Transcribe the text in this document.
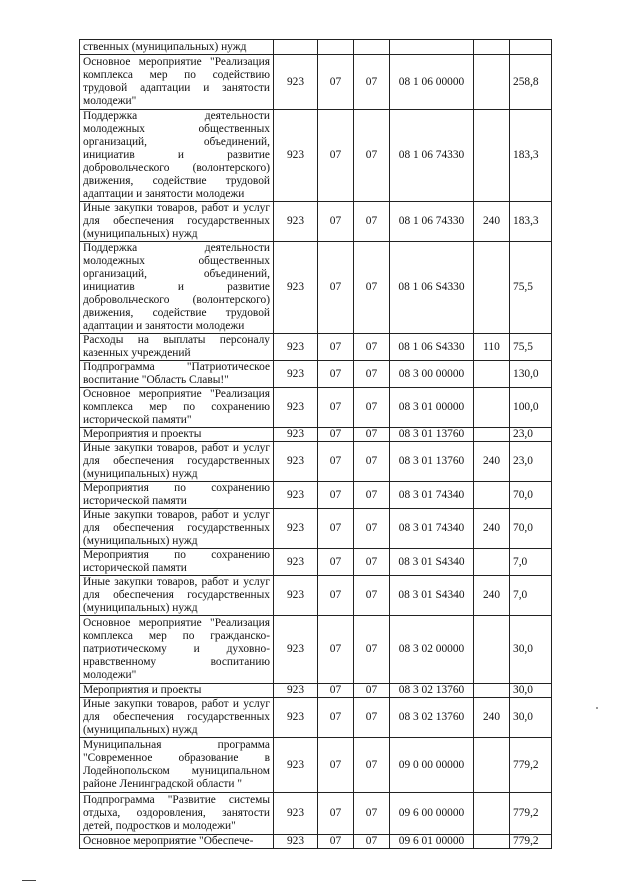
ственных (муниципальных) нужд						
Основное мероприятие "Реализация комплекса мер по содействию трудовой адаптации и занятости молодежи"	923	07	07	08 1 06 00000		258,8
Поддержка деятельности молодежных общественных организаций, объединений, инициатив и развитие добровольческого (волонтерского) движения, содействие трудовой адаптации и занятости молодежи	923	07	07	08 1 06 74330		183,3
Иные закупки товаров, работ и услуг для обеспечения государственных (муниципальных) нужд	923	07	07	08 1 06 74330	240	183,3
Поддержка деятельности молодежных общественных организаций, объединений, инициатив и развитие добровольческого (волонтерского) движения, содействие трудовой адаптации и занятости молодежи	923	07	07	08 1 06 S4330		75,5
Расходы на выплаты персоналу казенных учреждений	923	07	07	08 1 06 S4330	110	75,5
Подпрограмма "Патриотическое воспитание "Область Славы!"	923	07	07	08 3 00 00000		130,0
Основное мероприятие "Реализация комплекса мер по сохранению исторической памяти"	923	07	07	08 3 01 00000		100,0
Мероприятия и проекты	923	07	07	08 3 01 13760		23,0
Иные закупки товаров, работ и услуг для обеспечения государственных (муниципальных) нужд	923	07	07	08 3 01 13760	240	23,0
Мероприятия по сохранению исторической памяти	923	07	07	08 3 01 74340		70,0
Иные закупки товаров, работ и услуг для обеспечения государственных (муниципальных) нужд	923	07	07	08 3 01 74340	240	70,0
Мероприятия по сохранению исторической памяти	923	07	07	08 3 01 S4340		7,0
Иные закупки товаров, работ и услуг для обеспечения государственных (муниципальных) нужд	923	07	07	08 3 01 S4340	240	7,0
Основное мероприятие "Реализация комплекса мер по гражданско-патриотическому и духовно-нравственному воспитанию молодежи"	923	07	07	08 3 02 00000		30,0
Мероприятия и проекты	923	07	07	08 3 02 13760		30,0
Иные закупки товаров, работ и услуг для обеспечения государственных (муниципальных) нужд	923	07	07	08 3 02 13760	240	30,0
Муниципальная программа "Современное образование в Лодейнопольском муниципальном районе Ленинградской области "	923	07	07	09 0 00 00000		779,2
Подпрограмма "Развитие системы отдыха, оздоровления, занятости детей, подростков и молодежи"	923	07	07	09 6 00 00000		779,2
Основное мероприятие "Обеспече-	923	07	07	09 6 01 00000		779,2
